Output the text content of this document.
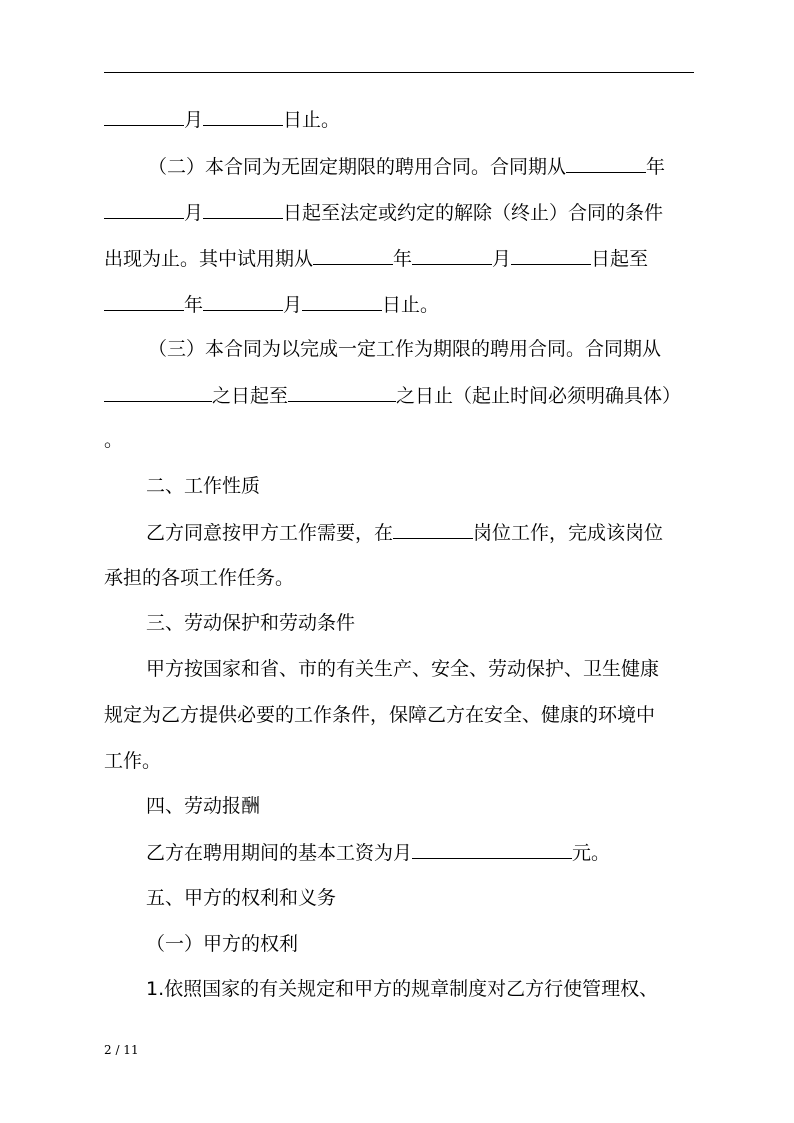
月	日止。
（二）本合同为无固定期限的聘用合同。合同期从	年
月	日起至法定或约定的解除（终止）合同的条件
出现为止。其中试用期从	年	月	日起至
年	月	日止。
（三）本合同为以完成一定工作为期限的聘用合同。合同期从
之日起至	之日止（起止时间必须明确具体）
。
二、工作性质
乙方同意按甲方工作需要，在	岗位工作，完成该岗位
承担的各项工作任务。
三、劳动保护和劳动条件
甲方按国家和省、市的有关生产、安全、劳动保护、卫生健康
规定为乙方提供必要的工作条件，保障乙方在安全、健康的环境中
工作。
四、劳动报酬
乙方在聘用期间的基本工资为月	元。
五、甲方的权利和义务
（一）甲方的权利
1.依照国家的有关规定和甲方的规章制度对乙方行使管理权、
2 / 11
